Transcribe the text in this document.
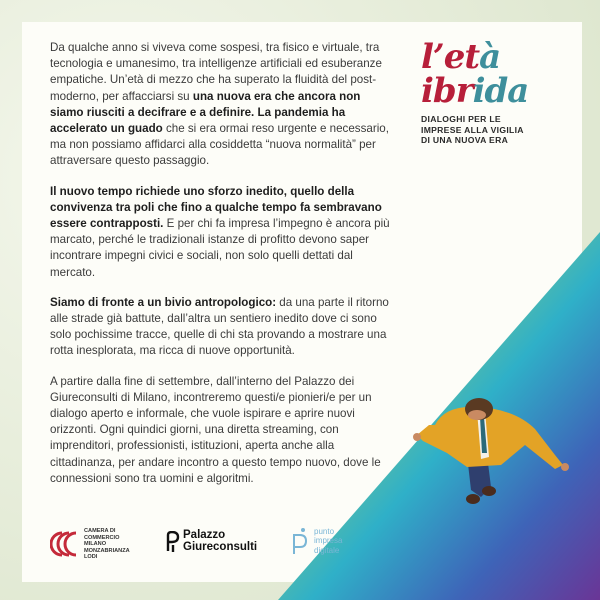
Da qualche anno si viveva come sospesi, tra fisico e virtuale, tra tecnologia e umanesimo, tra intelligenze artificiali ed esuberanze empatiche. Un’età di mezzo che ha superato la fluidità del post-moderno, per affacciarsi su una nuova era che ancora non siamo riusciti a decifrare e a definire. La pandemia ha accelerato un guado che si era ormai reso urgente e necessario, ma non possiamo affidarci alla cosiddetta “nuova normalità” per attraversare questo passaggio.

Il nuovo tempo richiede uno sforzo inedito, quello della convivenza tra poli che fino a qualche tempo fa sembravano essere contrapposti. E per chi fa impresa l’impegno è ancora più marcato, perché le tradizionali istanze di profitto devono saper incontrare impegni civici e sociali, non solo quelli dettati dal mercato.

Siamo di fronte a un bivio antropologico: da una parte il ritorno alle strade già battute, dall’altra un sentiero inedito dove ci sono solo pochissime tracce, quelle di chi sta provando a mostrare una rotta inesplorata, ma ricca di nuove opportunità.

A partire dalla fine di settembre, dall’interno del Palazzo dei Giureconsulti di Milano, incontreremo questi/e pionieri/e per un dialogo aperto e informale, che vuole ispirare e aprire nuovi orizzonti. Ogni quindici giorni, una diretta streaming, con imprenditori, professionisti, istituzioni, aperta anche alla cittadinanza, per andare incontro a questo tempo nuovo, dove le connessioni sono tra uomini e algoritmi.

l’età
ibrida
DIALOGHI PER LE
IMPRESE ALLA VIGILIA
DI UNA NUOVA ERA
CAMERA DI
COMMERCIO
MILANO
MONZABRIANZA
LODI
Palazzo
Giureconsulti
punto
impresa
digitale
